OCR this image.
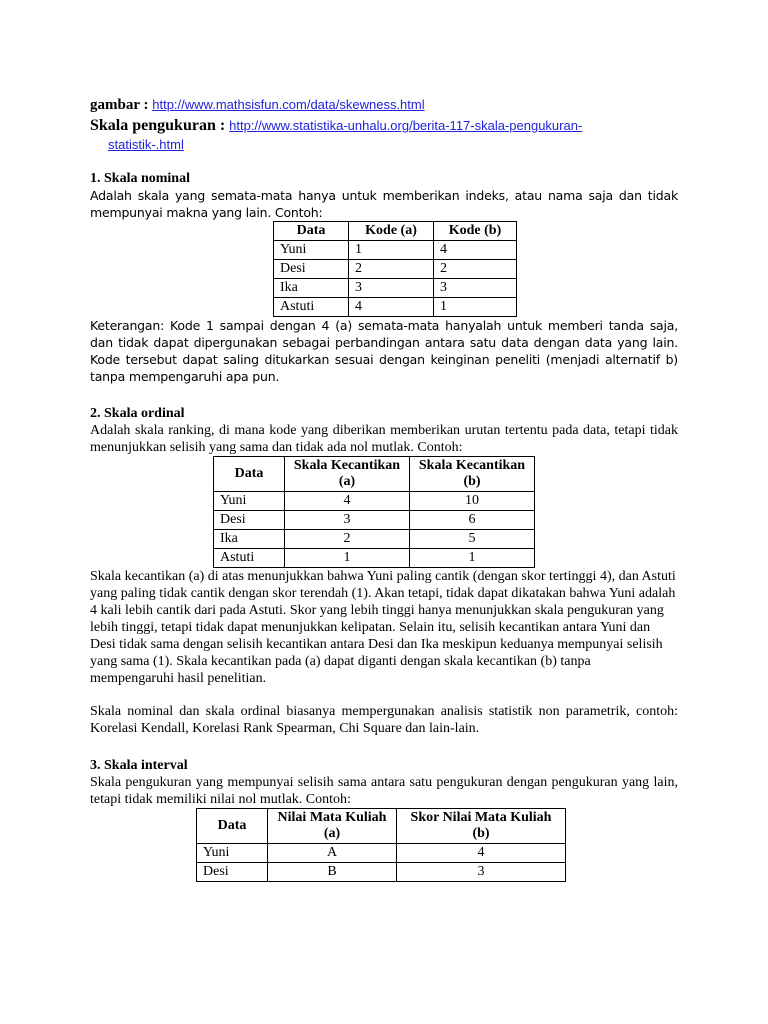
gambar : http://www.mathsisfun.com/data/skewness.html

Skala pengukuran : http://www.statistika-unhalu.org/berita-117-skala-pengukuran-
statistik-.html

1. Skala nominal

Adalah skala yang semata-mata hanya untuk memberikan indeks, atau nama saja dan tidak mempunyai makna yang lain. Contoh:

Data	Kode (a)	Kode (b)
Yuni	1	4
Desi	2	2
Ika	3	3
Astuti	4	1

Keterangan: Kode 1 sampai dengan 4 (a) semata-mata hanyalah untuk memberi tanda saja, dan tidak dapat dipergunakan sebagai perbandingan antara satu data dengan data yang lain. Kode tersebut dapat saling ditukarkan sesuai dengan keinginan peneliti (menjadi alternatif b) tanpa mempengaruhi apa pun.

2. Skala ordinal

Adalah skala ranking, di mana kode yang diberikan memberikan urutan tertentu pada data, tetapi tidak menunjukkan selisih yang sama dan tidak ada nol mutlak. Contoh:

Data	Skala Kecantikan (a)	Skala Kecantikan (b)
Yuni	4	10
Desi	3	6
Ika	2	5
Astuti	1	1

Skala kecantikan (a) di atas menunjukkan bahwa Yuni paling cantik (dengan skor tertinggi 4), dan Astuti yang paling tidak cantik dengan skor terendah (1). Akan tetapi, tidak dapat dikatakan bahwa Yuni adalah 4 kali lebih cantik dari pada Astuti. Skor yang lebih tinggi hanya menunjukkan skala pengukuran yang lebih tinggi, tetapi tidak dapat menunjukkan kelipatan. Selain itu, selisih kecantikan antara Yuni dan Desi tidak sama dengan selisih kecantikan antara Desi dan Ika meskipun keduanya mempunyai selisih yang sama (1). Skala kecantikan pada (a) dapat diganti dengan skala kecantikan (b) tanpa mempengaruhi hasil penelitian.

Skala nominal dan skala ordinal biasanya mempergunakan analisis statistik non parametrik, contoh: Korelasi Kendall, Korelasi Rank Spearman, Chi Square dan lain-lain.

3. Skala interval

Skala pengukuran yang mempunyai selisih sama antara satu pengukuran dengan pengukuran yang lain, tetapi tidak memiliki nilai nol mutlak. Contoh:

Data	Nilai Mata Kuliah (a)	Skor Nilai Mata Kuliah (b)
Yuni	A	4
Desi	B	3
